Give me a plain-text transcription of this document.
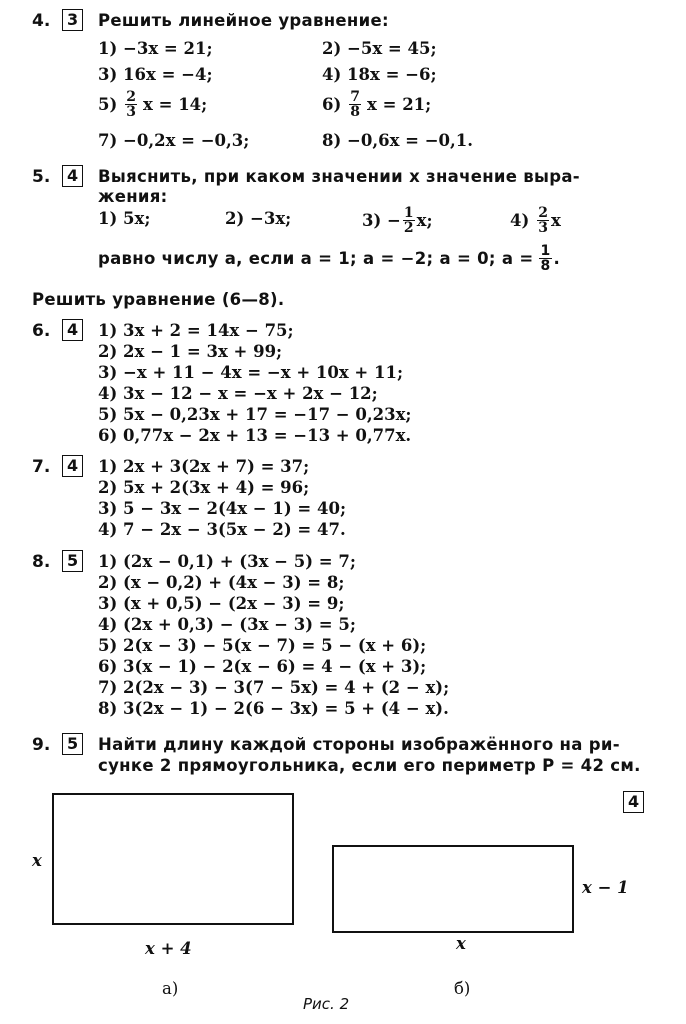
4.	3	Решить линейное уравнение:
1) −3x = 21;	2) −5x = 45;
3) 16x = −4;	4) 18x = −6;
$5) \frac{2}{3}$ x = 14;	$6) \frac{7}{8}$ x = 21;
7) −0,2x = −0,3;	8) −0,6x = −0,1.
5.	4	Выяснить, при каком значении x значение выра-
жения:
1) 5x;	2) −3x;	$3) - \frac{1}{2} x$;	$4) \frac{2}{3}$ x
равно числу a, если a = 1; a = −2; a = 0; $a = \frac{1}{8}$ .
Решить уравнение (6—8).
6.	4	1) 3x + 2 = 14x − 75;
2) 2x − 1 = 3x + 99;
3) −x + 11 − 4x = −x + 10x + 11;
4) 3x − 12 − x = −x + 2x − 12;
5) 5x − 0,23x + 17 = −17 − 0,23x;
6) 0,77x − 2x + 13 = −13 + 0,77x.
7.	4	1) 2x + 3(2x + 7) = 37;
2) 5x + 2(3x + 4) = 96;
3) 5 − 3x − 2(4x − 1) = 40;
4) 7 − 2x − 3(5x − 2) = 47.
8.	5	1) (2x − 0,1) + (3x − 5) = 7;
2) (x − 0,2) + (4x − 3) = 8;
3) (x + 0,5) − (2x − 3) = 9;
4) (2x + 0,3) − (3x − 3) = 5;
5) 2(x − 3) − 5(x − 7) = 5 − (x + 6);
6) 3(x − 1) − 2(x − 6) = 4 − (x + 3);
7) 2(2x − 3) − 3(7 − 5x) = 4 + (2 − x);
8) 3(2x − 1) − 2(6 − 3x) = 5 + (4 − x).
9.	5	Найти длину каждой стороны изображённого на ри-
сунке 2 прямоугольника, если его периметр P = 42 см.
4
x
x + 4
а)
x − 1
x
б)
Рис. 2
